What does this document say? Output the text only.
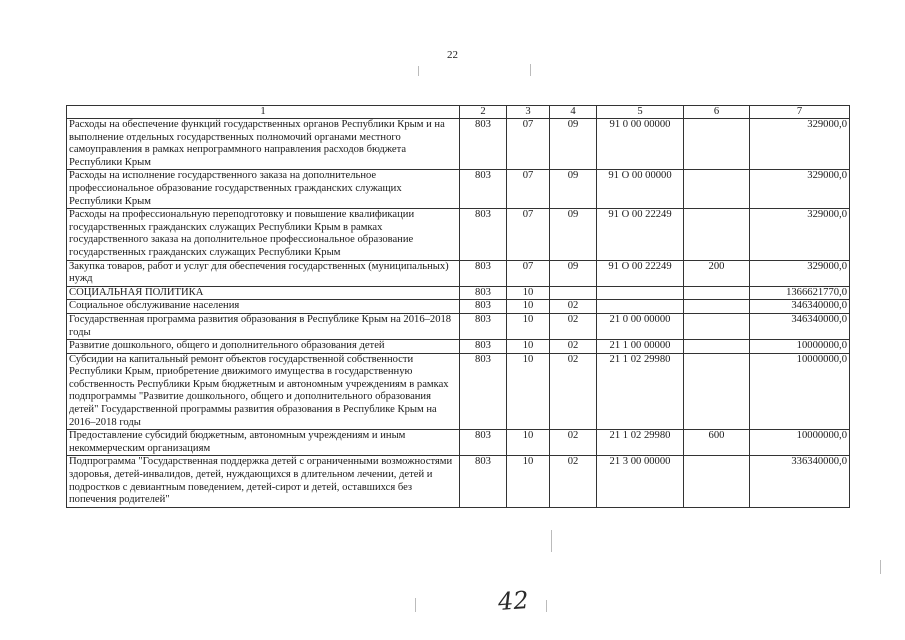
22
1	2	3	4	5	6	7
Расходы на обеспечение функций государственных органов Республики Крым и на выполнение отдельных государственных полномочий органами местного самоуправления в рамках непрограммного направления расходов бюджета Республики Крым	803	07	09	91 0 00 00000		329000,0
Расходы на исполнение государственного заказа на дополнительное профессиональное образование государственных гражданских служащих Республики Крым	803	07	09	91 О 00 00000		329000,0
Расходы на профессиональную переподготовку и повышение квалификации государственных гражданских служащих Республики Крым в рамках государственного заказа на дополнительное профессиональное образование государственных гражданских служащих Республики Крым	803	07	09	91 О 00 22249		329000,0
Закупка товаров, работ и услуг для обеспечения государственных (муниципальных) нужд	803	07	09	91 О 00 22249	200	329000,0
СОЦИАЛЬНАЯ ПОЛИТИКА	803	10				1366621770,0
Социальное обслуживание населения	803	10	02			346340000,0
Государственная программа развития образования в Республике Крым на 2016–2018 годы	803	10	02	21 0 00 00000		346340000,0
Развитие дошкольного, общего и дополнительного образования детей	803	10	02	21 1 00 00000		10000000,0
Субсидии на капитальный ремонт объектов государственной собственности Республики Крым, приобретение движимого имущества в государственную собственность Республики Крым бюджетным и автономным учреждениям в рамках подпрограммы "Развитие дошкольного, общего и дополнительного образования детей" Государственной программы развития образования в Республике Крым на 2016–2018 годы	803	10	02	21 1 02 29980		10000000,0
Предоставление субсидий бюджетным, автономным учреждениям и иным некоммерческим организациям	803	10	02	21 1 02 29980	600	10000000,0
Подпрограмма "Государственная поддержка детей с ограниченными возможностями здоровья, детей-инвалидов, детей, нуждающихся в длительном лечении, детей и подростков с девиантным поведением, детей-сирот и детей, оставшихся без попечения родителей"	803	10	02	21 3 00 00000		336340000,0
42
